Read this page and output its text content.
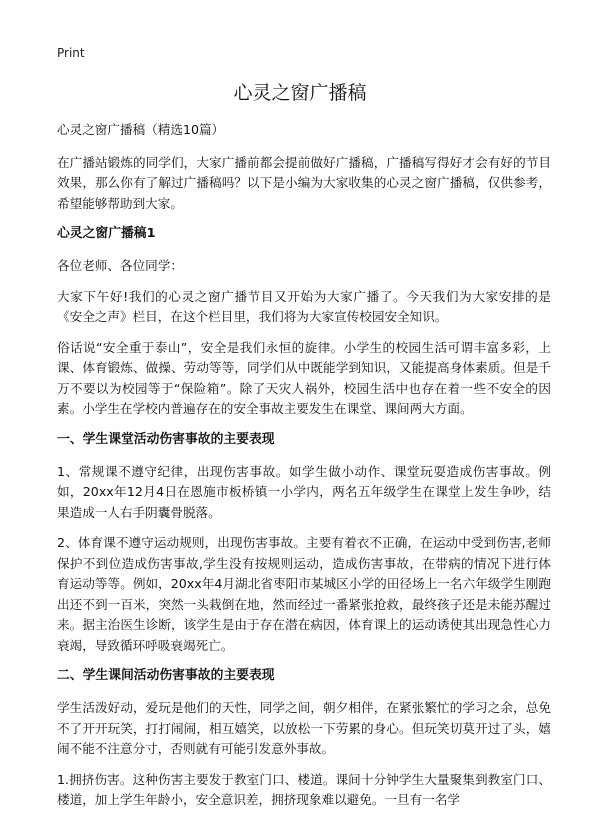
Print
心灵之窗广播稿

心灵之窗广播稿（精选10篇）

在广播站锻炼的同学们，大家广播前都会提前做好广播稿，广播稿写得好才会有好的节目效果，那么你有了解过广播稿吗？以下是小编为大家收集的心灵之窗广播稿，仅供参考，希望能够帮助到大家。

心灵之窗广播稿1

各位老师、各位同学：

大家下午好!我们的心灵之窗广播节目又开始为大家广播了。今天我们为大家安排的是《安全之声》栏目，在这个栏目里，我们将为大家宣传校园安全知识。

俗话说“安全重于泰山”，安全是我们永恒的旋律。小学生的校园生活可谓丰富多彩，上课、体育锻炼、做操、劳动等等，同学们从中既能学到知识，又能提高身体素质。但是千万不要以为校园等于“保险箱”。除了天灾人祸外，校园生活中也存在着一些不安全的因素。小学生在学校内普遍存在的安全事故主要发生在课堂、课间两大方面。

一、学生课堂活动伤害事故的主要表现

1、常规课不遵守纪律，出现伤害事故。如学生做小动作、课堂玩耍造成伤害事故。例如，20xx年12月4日在恩施市板桥镇一小学内，两名五年级学生在课堂上发生争吵，结果造成一人右手阴囊骨脱落。

2、体育课不遵守运动规则，出现伤害事故。主要有着衣不正确，在运动中受到伤害,老师保护不到位造成伤害事故,学生没有按规则运动，造成伤害事故，在带病的情况下进行体育运动等等。例如，20xx年4月湖北省枣阳市某城区小学的田径场上一名六年级学生刚跑出还不到一百米，突然一头栽倒在地，然而经过一番紧张抢救，最终孩子还是未能苏醒过来。据主治医生诊断，该学生是由于存在潜在病因，体育课上的运动诱使其出现急性心力衰竭，导致循环呼吸衰竭死亡。

二、学生课间活动伤害事故的主要表现

学生活泼好动，爱玩是他们的天性，同学之间，朝夕相伴，在紧张繁忙的学习之余，总免不了开开玩笑，打打闹闹，相互嬉笑，以放松一下劳累的身心。但玩笑切莫开过了头，嬉闹不能不注意分寸，否则就有可能引发意外事故。

1.拥挤伤害。这种伤害主要发于教室门口、楼道。课间十分钟学生大量聚集到教室门口、楼道，加上学生年龄小，安全意识差，拥挤现象难以避免。一旦有一名学
